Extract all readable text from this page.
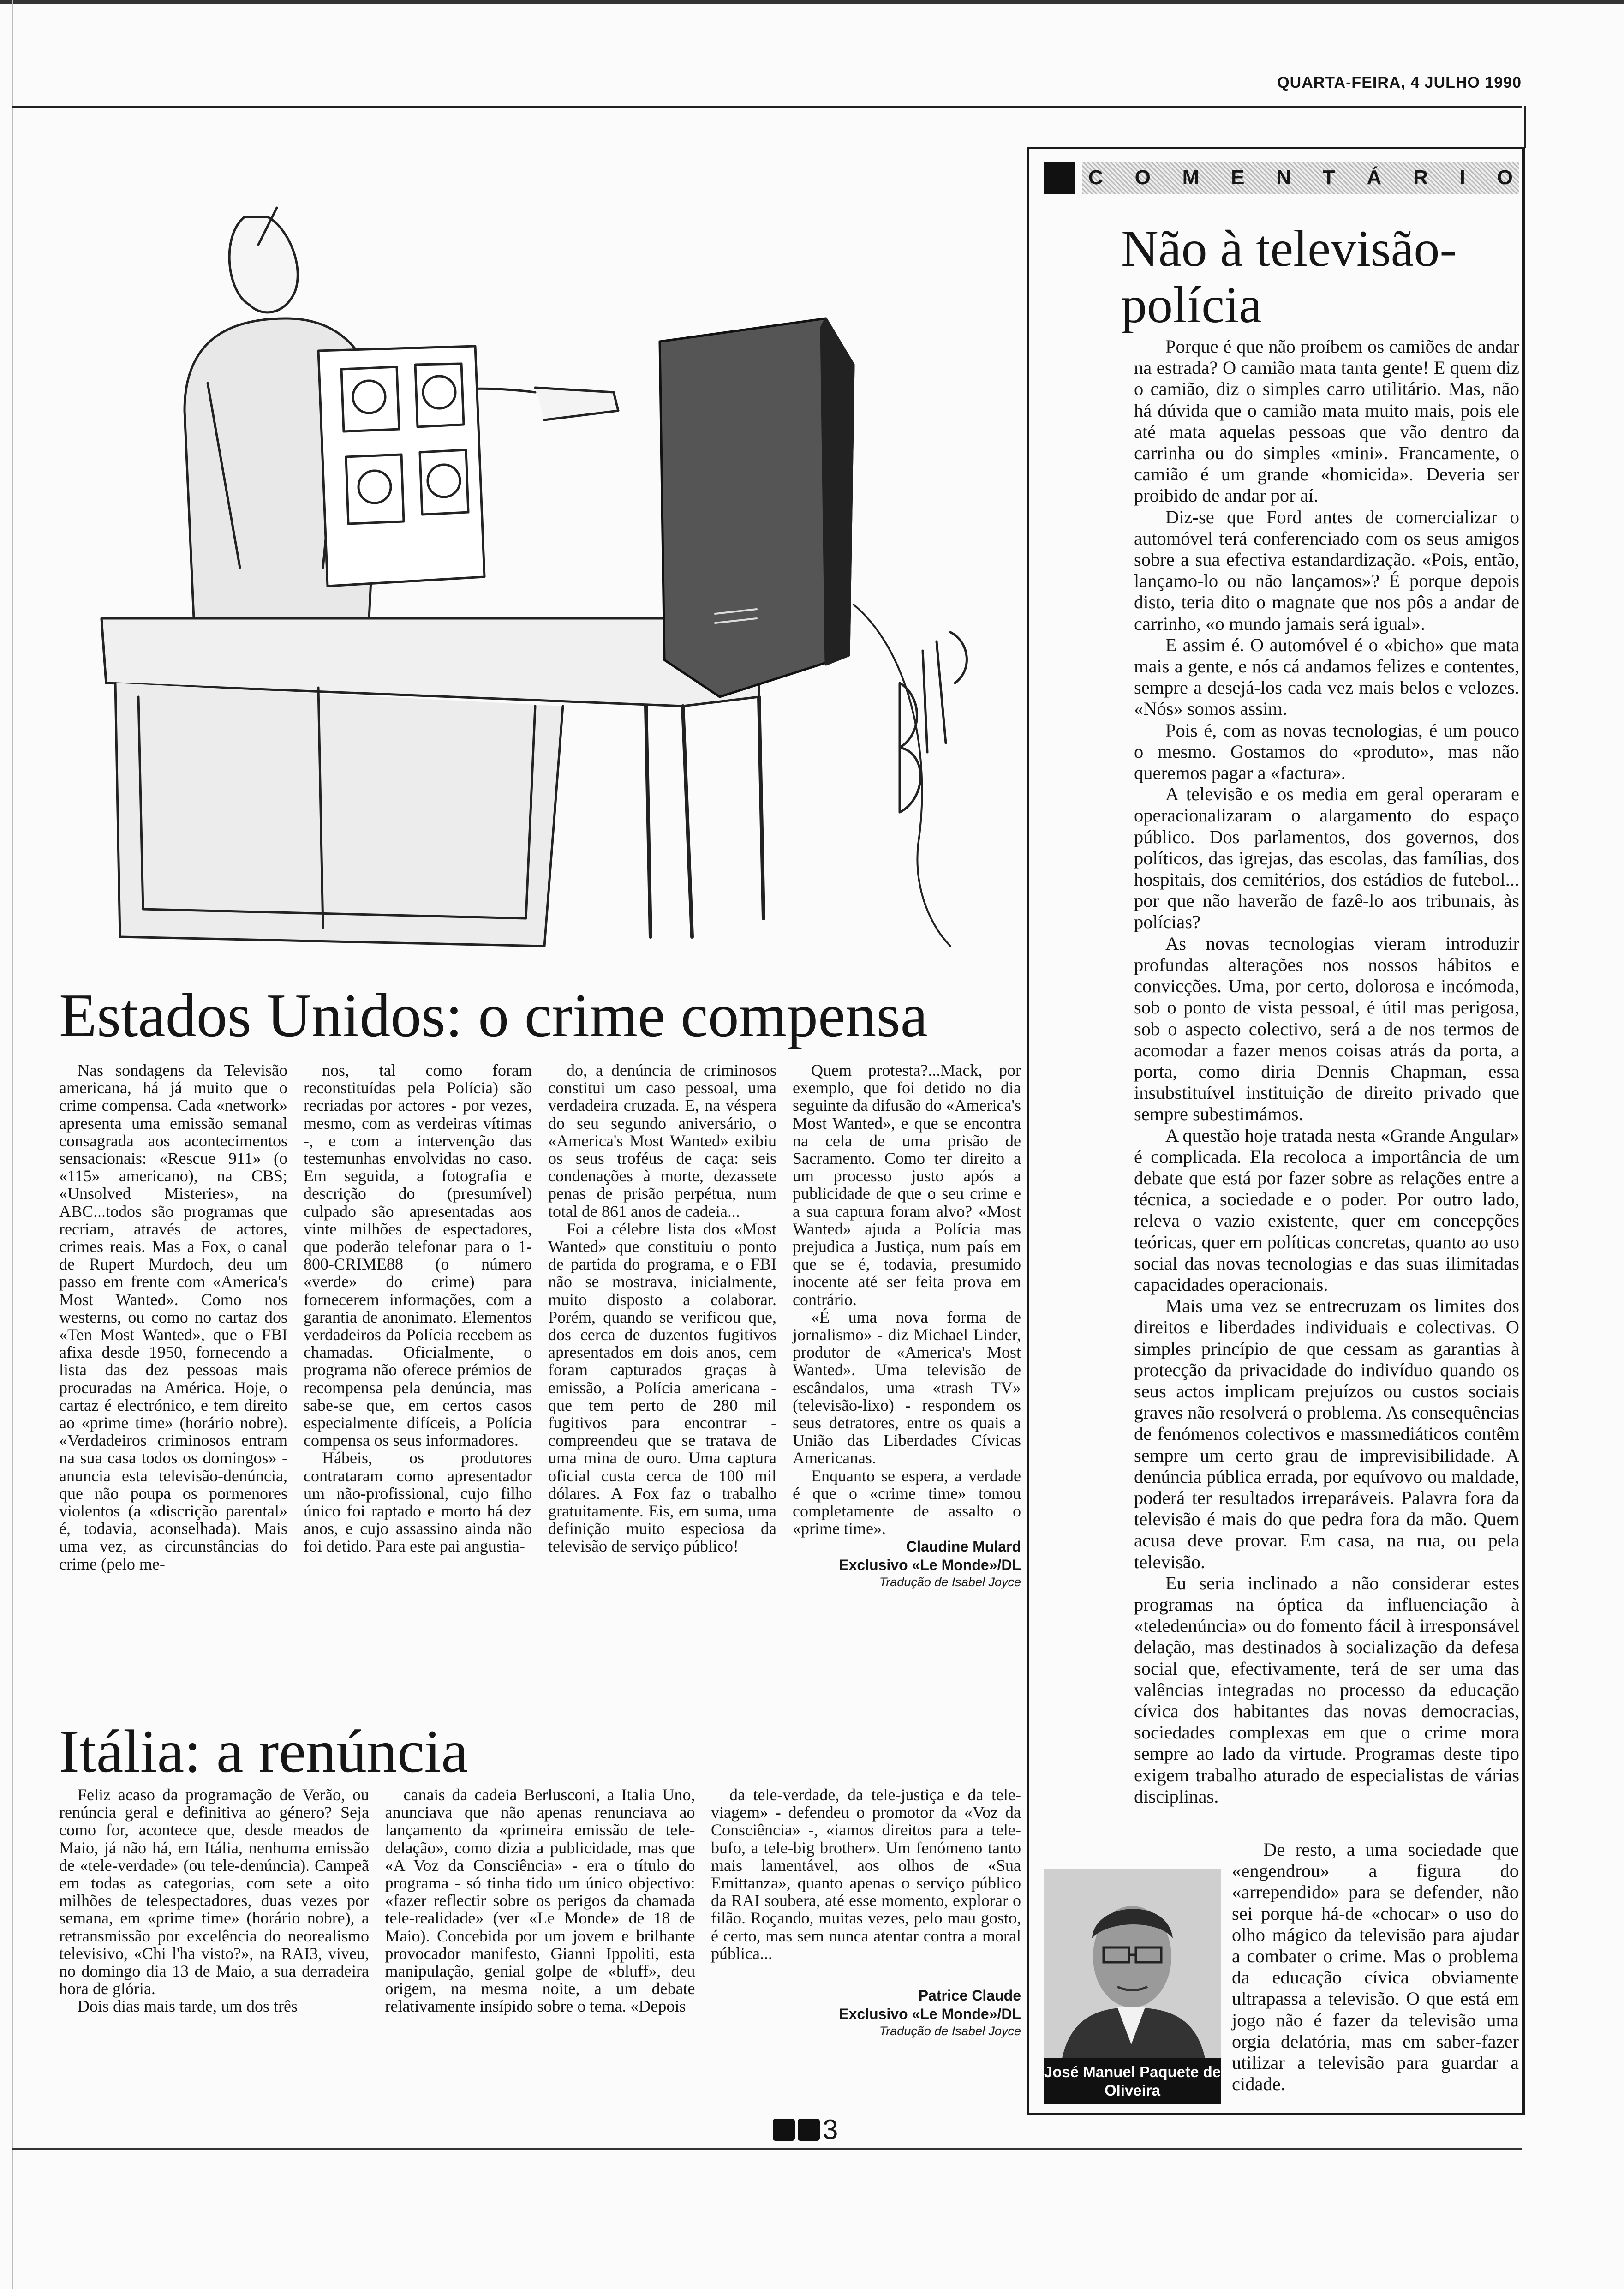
QUARTA-FEIRA, 4 JULHO 1990
Estados Unidos: o crime compensa

Nas sondagens da Televisão americana, há já muito que o crime compensa. Cada «network» apresenta uma emissão semanal consagrada aos acontecimentos sensacionais: «Rescue 911» (o «115» americano), na CBS; «Unsolved Misteries», na ABC...todos são programas que recriam, através de actores, crimes reais. Mas a Fox, o canal de Rupert Murdoch, deu um passo em frente com «America's Most Wanted». Como nos westerns, ou como no cartaz dos «Ten Most Wanted», que o FBI afixa desde 1950, fornecendo a lista das dez pessoas mais procuradas na América. Hoje, o cartaz é electrónico, e tem direito ao «prime time» (horário nobre). «Verdadeiros criminosos entram na sua casa todos os domingos» - anuncia esta televisão-denúncia, que não poupa os pormenores violentos (a «discrição parental» é, todavia, aconselhada). Mais uma vez, as circunstâncias do crime (pelo me-

nos, tal como foram reconstituídas pela Polícia) são recriadas por actores - por vezes, mesmo, com as verdeiras vítimas -, e com a intervenção das testemunhas envolvidas no caso. Em seguida, a fotografia e descrição do (presumível) culpado são apresentadas aos vinte milhões de espectadores, que poderão telefonar para o 1-800-CRIME88 (o número «verde» do crime) para fornecerem informações, com a garantia de anonimato. Elementos verdadeiros da Polícia recebem as chamadas. Oficialmente, o programa não oferece prémios de recompensa pela denúncia, mas sabe-se que, em certos casos especialmente difíceis, a Polícia compensa os seus informadores.

Hábeis, os produtores contrataram como apresentador um não-profissional, cujo filho único foi raptado e morto há dez anos, e cujo assassino ainda não foi detido. Para este pai angustia-

do, a denúncia de criminosos constitui um caso pessoal, uma verdadeira cruzada. E, na véspera do seu segundo aniversário, o «America's Most Wanted» exibiu os seus troféus de caça: seis condenações à morte, dezassete penas de prisão perpétua, num total de 861 anos de cadeia...

Foi a célebre lista dos «Most Wanted» que constituiu o ponto de partida do programa, e o FBI não se mostrava, inicialmente, muito disposto a colaborar. Porém, quando se verificou que, dos cerca de duzentos fugitivos apresentados em dois anos, cem foram capturados graças à emissão, a Polícia americana - que tem perto de 280 mil fugitivos para encontrar - compreendeu que se tratava de uma mina de ouro. Uma captura oficial custa cerca de 100 mil dólares. A Fox faz o trabalho gratuitamente. Eis, em suma, uma definição muito especiosa da televisão de serviço público!

Quem protesta?...Mack, por exemplo, que foi detido no dia seguinte da difusão do «America's Most Wanted», e que se encontra na cela de uma prisão de Sacramento. Como ter direito a um processo justo após a publicidade de que o seu crime e a sua captura foram alvo? «Most Wanted» ajuda a Polícia mas prejudica a Justiça, num país em que se é, todavia, presumido inocente até ser feita prova em contrário.

«É uma nova forma de jornalismo» - diz Michael Linder, produtor de «America's Most Wanted». Uma televisão de escândalos, uma «trash TV» (televisão-lixo) - respondem os seus detratores, entre os quais a União das Liberdades Cívicas Americanas.

Enquanto se espera, a verdade é que o «crime time» tomou completamente de assalto o «prime time».

Claudine Mulard
Exclusivo «Le Monde»/DL
Tradução de Isabel Joyce
Itália: a renúncia

Feliz acaso da programação de Verão, ou renúncia geral e definitiva ao género? Seja como for, acontece que, desde meados de Maio, já não há, em Itália, nenhuma emissão de «tele-verdade» (ou tele-denúncia). Campeã em todas as categorias, com sete a oito milhões de telespectadores, duas vezes por semana, em «prime time» (horário nobre), a retransmissão por excelência do neorealismo televisivo, «Chi l'ha visto?», na RAI3, viveu, no domingo dia 13 de Maio, a sua derradeira hora de glória.

Dois dias mais tarde, um dos três

canais da cadeia Berlusconi, a Italia Uno, anunciava que não apenas renunciava ao lançamento da «primeira emissão de tele-delação», como dizia a publicidade, mas que «A Voz da Consciência» - era o título do programa - só tinha tido um único objectivo: «fazer reflectir sobre os perigos da chamada tele-realidade» (ver «Le Monde» de 18 de Maio). Concebida por um jovem e brilhante provocador manifesto, Gianni Ippoliti, esta manipulação, genial golpe de «bluff», deu origem, na mesma noite, a um debate relativamente insípido sobre o tema. «Depois

da tele-verdade, da tele-justiça e da tele-viagem» - defendeu o promotor da «Voz da Consciência» -, «iamos direitos para a tele-bufo, a tele-big brother». Um fenómeno tanto mais lamentável, aos olhos de «Sua Emittanza», quanto apenas o serviço público da RAI soubera, até esse momento, explorar o filão. Roçando, muitas vezes, pelo mau gosto, é certo, mas sem nunca atentar contra a moral pública...

Patrice Claude
Exclusivo «Le Monde»/DL
Tradução de Isabel Joyce
C O M E N T Á R I O
Não à televisão-polícia

Porque é que não proíbem os camiões de andar na estrada? O camião mata tanta gente! E quem diz o camião, diz o simples carro utilitário. Mas, não há dúvida que o camião mata muito mais, pois ele até mata aquelas pessoas que vão dentro da carrinha ou do simples «mini». Francamente, o camião é um grande «homicida». Deveria ser proibido de andar por aí.

Diz-se que Ford antes de comercializar o automóvel terá conferenciado com os seus amigos sobre a sua efectiva estandardização. «Pois, então, lançamo-lo ou não lançamos»? É porque depois disto, teria dito o magnate que nos pôs a andar de carrinho, «o mundo jamais será igual».

E assim é. O automóvel é o «bicho» que mata mais a gente, e nós cá andamos felizes e contentes, sempre a desejá-los cada vez mais belos e velozes. «Nós» somos assim.

Pois é, com as novas tecnologias, é um pouco o mesmo. Gostamos do «produto», mas não queremos pagar a «factura».

A televisão e os media em geral operaram e operacionalizaram o alargamento do espaço público. Dos parlamentos, dos governos, dos políticos, das igrejas, das escolas, das famílias, dos hospitais, dos cemitérios, dos estádios de futebol... por que não haverão de fazê-lo aos tribunais, às polícias?

As novas tecnologias vieram introduzir profundas alterações nos nossos hábitos e convicções. Uma, por certo, dolorosa e incómoda, sob o ponto de vista pessoal, é útil mas perigosa, sob o aspecto colectivo, será a de nos termos de acomodar a fazer menos coisas atrás da porta, a porta, como diria Dennis Chapman, essa insubstituível instituição de direito privado que sempre subestimámos.

A questão hoje tratada nesta «Grande Angular» é complicada. Ela recoloca a importância de um debate que está por fazer sobre as relações entre a técnica, a sociedade e o poder. Por outro lado, releva o vazio existente, quer em concepções teóricas, quer em políticas concretas, quanto ao uso social das novas tecnologias e das suas ilimitadas capacidades operacionais.

Mais uma vez se entrecruzam os limites dos direitos e liberdades individuais e colectivas. O simples princípio de que cessam as garantias à protecção da privacidade do indivíduo quando os seus actos implicam prejuízos ou custos sociais graves não resolverá o problema. As consequências de fenómenos colectivos e massmediáticos contêm sempre um certo grau de imprevisibilidade. A denúncia pública errada, por equívovo ou maldade, poderá ter resultados irreparáveis. Palavra fora da televisão é mais do que pedra fora da mão. Quem acusa deve provar. Em casa, na rua, ou pela televisão.

Eu seria inclinado a não considerar estes programas na óptica da influenciação à «teledenúncia» ou do fomento fácil à irresponsável delação, mas destinados à socialização da defesa social que, efectivamente, terá de ser uma das valências integradas no processo da educação cívica dos habitantes das novas democracias, sociedades complexas em que o crime mora sempre ao lado da virtude. Programas deste tipo exigem trabalho aturado de especialistas de várias disciplinas.

José Manuel Paquete de Oliveira

De resto, a uma sociedade que «engendrou» a figura do «arrependido» para se defender, não sei porque há-de «chocar» o uso do olho mágico da televisão para ajudar a combater o crime. Mas o problema da educação cívica obviamente ultrapassa a televisão. O que está em jogo não é fazer da televisão uma orgia delatória, mas em saber-fazer utilizar a televisão para guardar a cidade.

3
